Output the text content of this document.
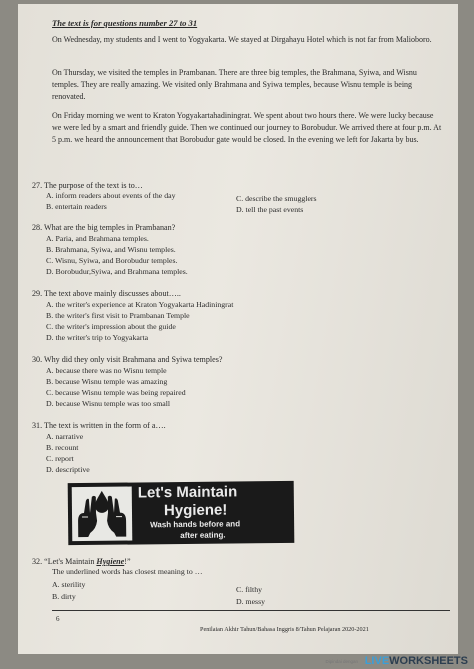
The text is for questions number 27 to 31
On Wednesday, my students and I went to Yogyakarta. We stayed at Dirgahayu Hotel which is not far from Malioboro.
On Thursday, we visited the temples in Prambanan. There are three big temples, the Brahmana, Syiwa, and Wisnu temples. They are really amazing. We visited only Brahmana and Syiwa temples, because Wisnu temple is being renovated.
On Friday morning we went to Kraton Yogyakartahadiningrat. We spent about two hours there. We were lucky because we were led by a smart and friendly guide. Then we continued our journey to Borobudur. We arrived there at four p.m. At 5 p.m. we heard the announcement that Borobudur gate would be closed. In the evening we left for Jakarta by bus.
27. The purpose of the text is to…
A. inform readers about events of the day
B. entertain readers
C. describe the smugglers
D. tell the past events
28. What are the big temples in Prambanan?
A. Paria, and Brahmana temples.
B. Brahmana, Syiwa, and Wisnu temples.
C. Wisnu, Syiwa, and Borobudur temples.
D. Borobudur,Syiwa, and Brahmana temples.
29. The text above mainly discusses about…..
A. the writer's experience at Kraton Yogyakarta Hadiningrat
B. the writer's first visit to Prambanan Temple
C. the writer's impression about the guide
D. the writer's trip to Yogyakarta
30. Why did they only visit Brahmana and Syiwa temples?
A. because there was no Wisnu temple
B. because Wisnu temple was amazing
C. because Wisnu temple was being repaired
D. because Wisnu temple was too small
31. The text is written in the form of a….
A. narrative
B. recount
C. report
D. descriptive
Let's Maintain
Hygiene!
Wash hands before and
after eating.
32. “Let's Maintain Hygiene!”
The underlined words has closest meaning to …
A. sterility
B. dirty
C. filthy
D. messy
6
Penilaian Akhir Tahun/Bahasa Inggris 8/Tahun Pelajaran 2020-2021
Dipindai dengan LIVEWORKSHEETS
